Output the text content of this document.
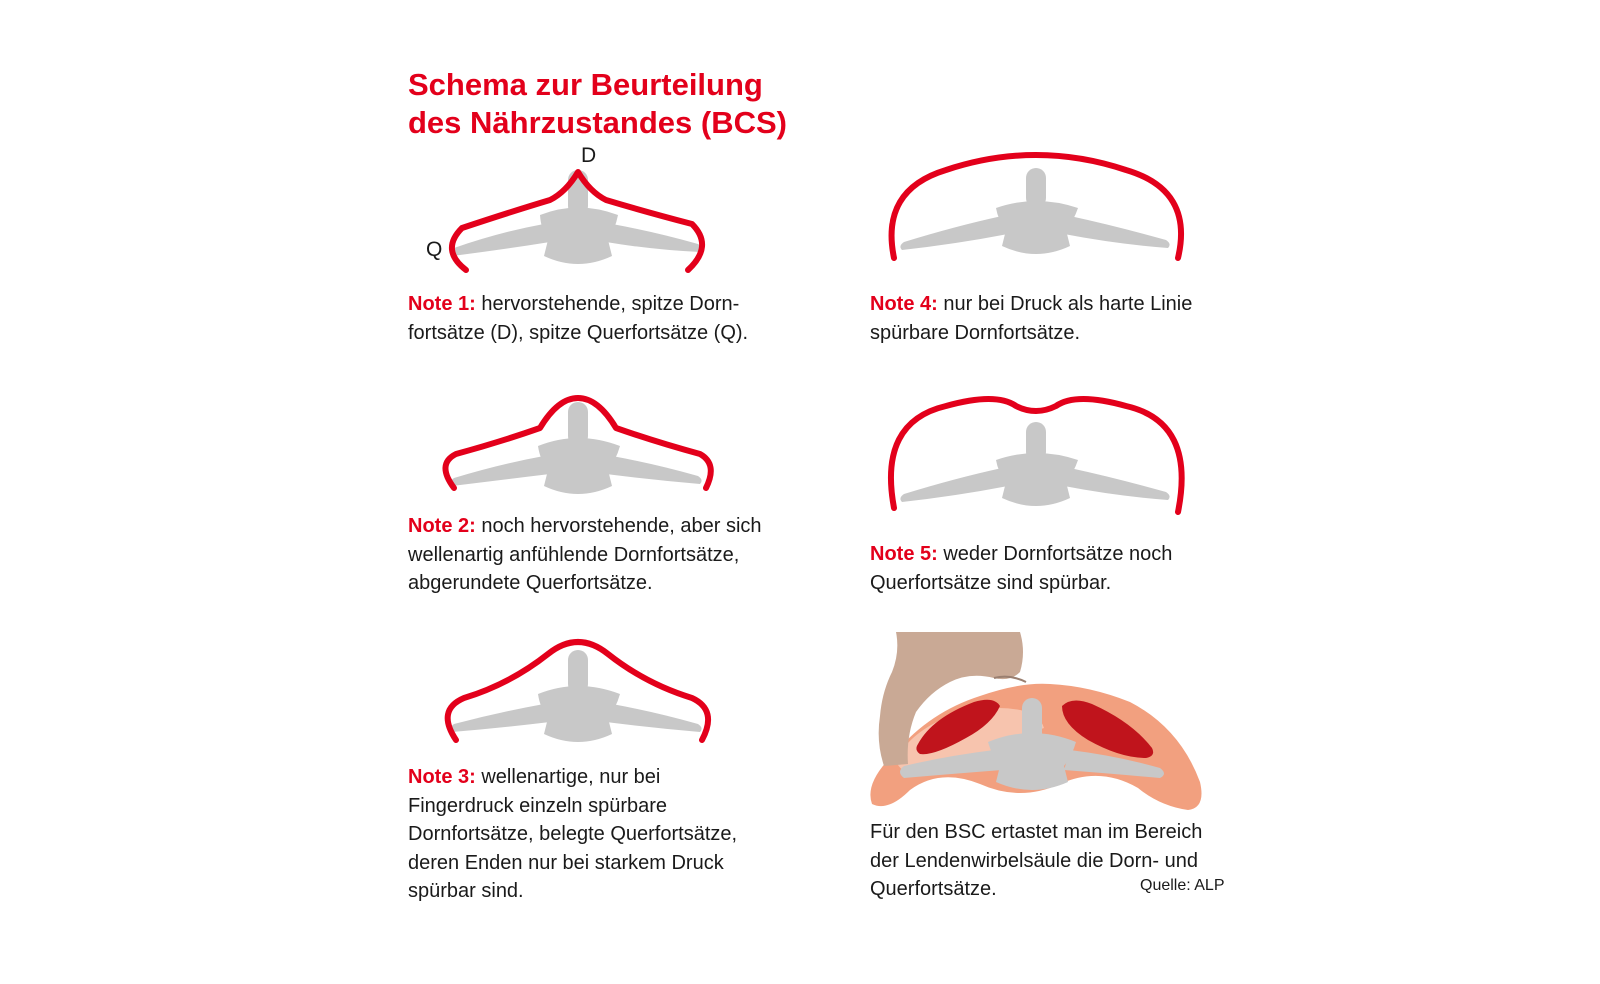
Schema zur Beurteilung
des Nährzustandes (BCS)
D
Q
Note 1: hervorstehende, spitze Dorn-
fortsätze (D), spitze Querfortsätze (Q).
Note 2: noch hervorstehende, aber sich
wellenartig anfühlende Dornfortsätze,
abgerundete Querfortsätze.
Note 3: wellenartige, nur bei
Fingerdruck einzeln spürbare
Dornfortsätze, belegte Querfortsätze,
deren Enden nur bei starkem Druck
spürbar sind.
Note 4: nur bei Druck als harte Linie
spürbare Dornfortsätze.
Note 5: weder Dornfortsätze noch
Querfortsätze sind spürbar.
Für den BSC ertastet man im Bereich
der Lendenwirbelsäule die Dorn- und
Querfortsätze.	Quelle: ALP
